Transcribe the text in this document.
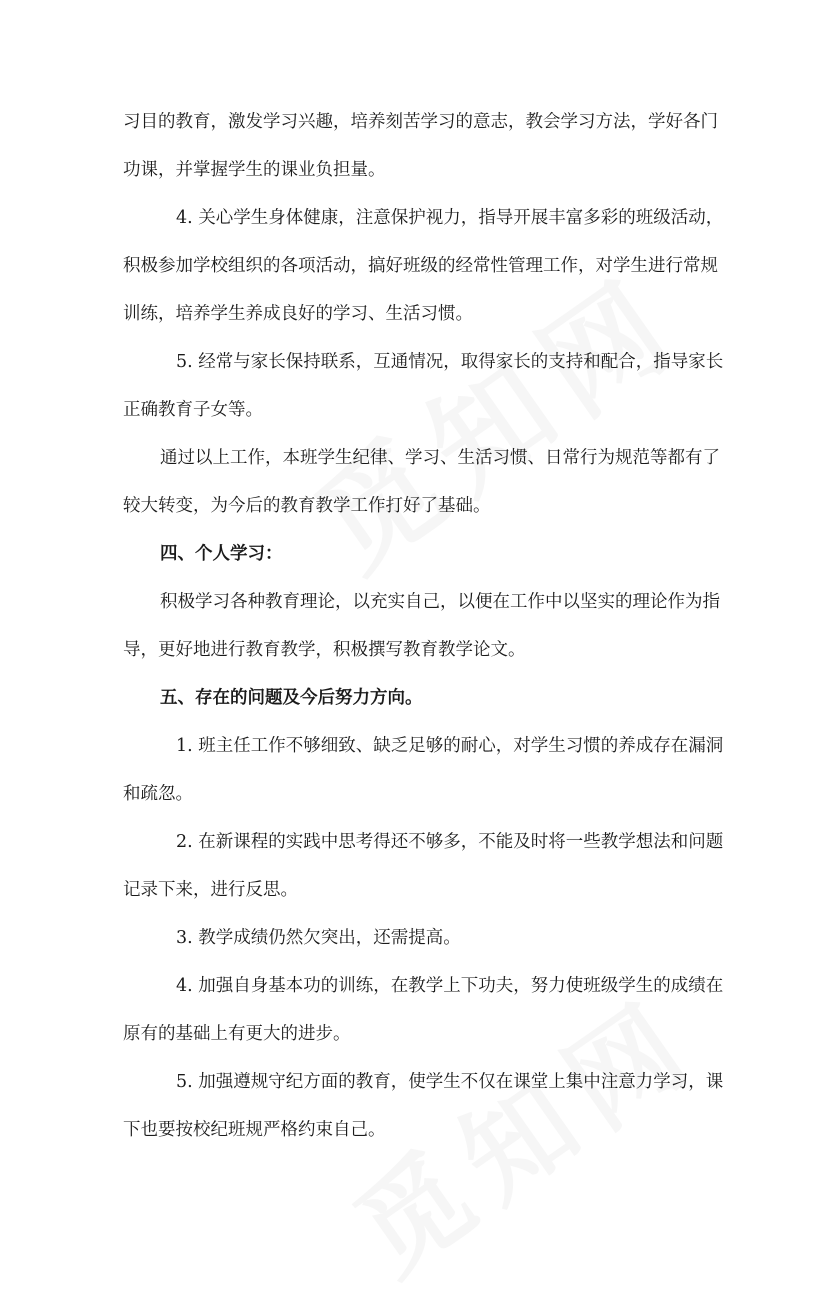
习目的教育，激发学习兴趣，培养刻苦学习的意志，教会学习方法，学好各门
功课，并掌握学生的课业负担量。
4. 关心学生身体健康，注意保护视力，指导开展丰富多彩的班级活动，
积极参加学校组织的各项活动，搞好班级的经常性管理工作，对学生进行常规
训练，培养学生养成良好的学习、生活习惯。
5. 经常与家长保持联系，互通情况，取得家长的支持和配合，指导家长
正确教育子女等。
通过以上工作，本班学生纪律、学习、生活习惯、日常行为规范等都有了
较大转变，为今后的教育教学工作打好了基础。
四、个人学习：
积极学习各种教育理论，以充实自己，以便在工作中以坚实的理论作为指
导，更好地进行教育教学，积极撰写教育教学论文。
五、存在的问题及今后努力方向。
1. 班主任工作不够细致、缺乏足够的耐心，对学生习惯的养成存在漏洞
和疏忽。
2. 在新课程的实践中思考得还不够多，不能及时将一些教学想法和问题
记录下来，进行反思。
3. 教学成绩仍然欠突出，还需提高。
4. 加强自身基本功的训练，在教学上下功夫，努力使班级学生的成绩在
原有的基础上有更大的进步。
5. 加强遵规守纪方面的教育，使学生不仅在课堂上集中注意力学习，课
下也要按校纪班规严格约束自己。
